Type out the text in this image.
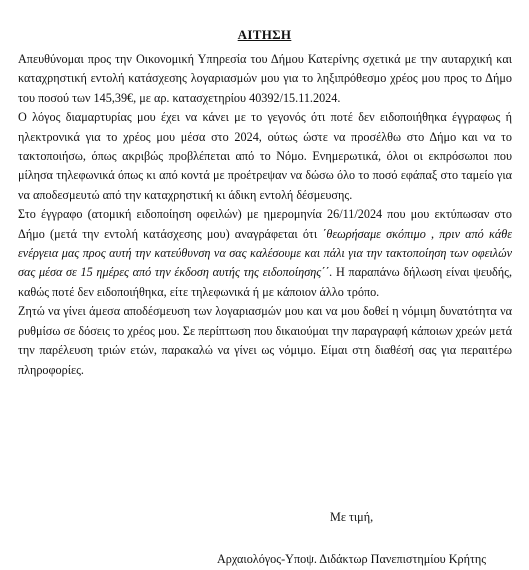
ΑΙΤΗΣΗ

Απευθύνομαι προς την Οικονομική Υπηρεσία του Δήμου Κατερίνης σχετικά με την αυταρχική και καταχρηστική εντολή κατάσχεσης λογαριασμών μου για το ληξιπρόθεσμο χρέος μου προς το Δήμο του ποσού των 145,39€, με αρ. κατασχετηρίου 40392/15.11.2024.

Ο λόγος διαμαρτυρίας μου έχει να κάνει με το γεγονός ότι ποτέ δεν ειδοποιήθηκα έγγραφως ή ηλεκτρονικά για το χρέος μου μέσα στο 2024, ούτως ώστε να προσέλθω στο Δήμο και να το τακτοποιήσω, όπως ακριβώς προβλέπεται από το Νόμο. Ενημερωτικά, όλοι οι εκπρόσωποι που μίλησα τηλεφωνικά όπως κι από κοντά με προέτρεψαν να δώσω όλο το ποσό εφάπαξ στο ταμείο για να αποδεσμευτώ από την καταχρηστική κι άδικη εντολή δέσμευσης.

Στο έγγραφο (ατομική ειδοποίηση οφειλών) με ημερομηνία 26/11/2024 που μου εκτύπωσαν στο Δήμο (μετά την εντολή κατάσχεσης μου) αναγράφεται ότι ΄θεωρήσαμε σκόπιμο , πριν από κάθε ενέργεια μας προς αυτή την κατεύθυνση να σας καλέσουμε και πάλι για την τακτοποίηση των οφειλών σας μέσα σε 15 ημέρες από την έκδοση αυτής της ειδοποίησης΄΄. Η παραπάνω δήλωση είναι ψευδής, καθώς ποτέ δεν ειδοποιήθηκα, είτε τηλεφωνικά ή με κάποιον άλλο τρόπο.

Ζητώ να γίνει άμεσα αποδέσμευση των λογαριασμών μου και να μου δοθεί η νόμιμη δυνατότητα να ρυθμίσω σε δόσεις το χρέος μου. Σε περίπτωση που δικαιούμαι την παραγραφή κάποιων χρεών μετά την παρέλευση τριών ετών, παρακαλώ να γίνει ως νόμιμο. Είμαι στη διαθέσή σας για περαιτέρω πληροφορίες.

Με τιμή,
Αρχαιολόγος-Υποψ. Διδάκτωρ Πανεπιστημίου Κρήτης
